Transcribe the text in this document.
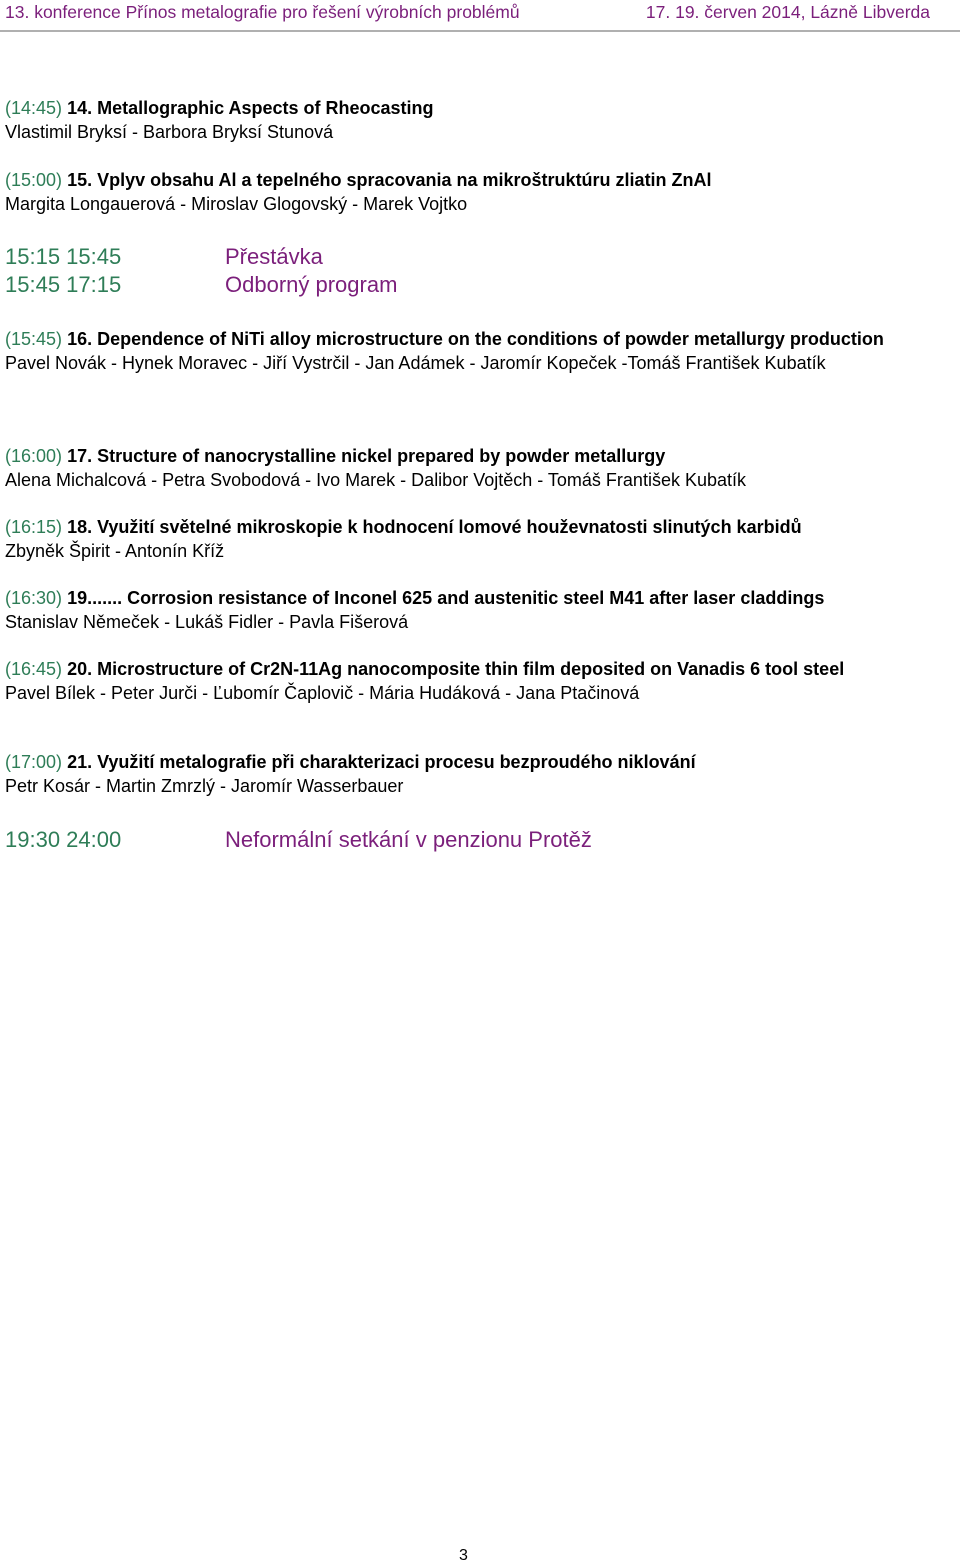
13. konference Přínos metalografie pro řešení výrobních problémů	17. 19. červen 2014, Lázně Libverda
(14:45) 14. Metallographic Aspects of Rheocasting
Vlastimil Bryksí - Barbora Bryksí Stunová
(15:00) 15. Vplyv obsahu Al a tepelného spracovania na mikroštruktúru zliatin ZnAl
Margita Longauerová - Miroslav Glogovský - Marek Vojtko
15:15 15:45	Přestávka
15:45 17:15	Odborný program
(15:45) 16. Dependence of NiTi alloy microstructure on the conditions of powder metallurgy production
Pavel Novák - Hynek Moravec - Jiří Vystrčil - Jan Adámek - Jaromír Kopeček -Tomáš František Kubatík
(16:00) 17. Structure of nanocrystalline nickel prepared by powder metallurgy
Alena Michalcová - Petra Svobodová - Ivo Marek - Dalibor Vojtěch - Tomáš František Kubatík
(16:15) 18. Využití světelné mikroskopie k hodnocení lomové houževnatosti slinutých karbidů
Zbyněk Špirit - Antonín Kříž
(16:30) 19....... Corrosion resistance of Inconel 625 and austenitic steel M41 after laser claddings
Stanislav Němeček - Lukáš Fidler - Pavla Fišerová
(16:45) 20. Microstructure of Cr2N-11Ag nanocomposite thin film deposited on Vanadis 6 tool steel
Pavel Bílek - Peter Jurči - Ľubomír Čaplovič - Mária Hudáková - Jana Ptačinová
(17:00) 21. Využití metalografie při charakterizaci procesu bezproudého niklování
Petr Kosár - Martin Zmrzlý - Jaromír Wasserbauer
19:30 24:00	Neformální setkání v penzionu Protěž
3
